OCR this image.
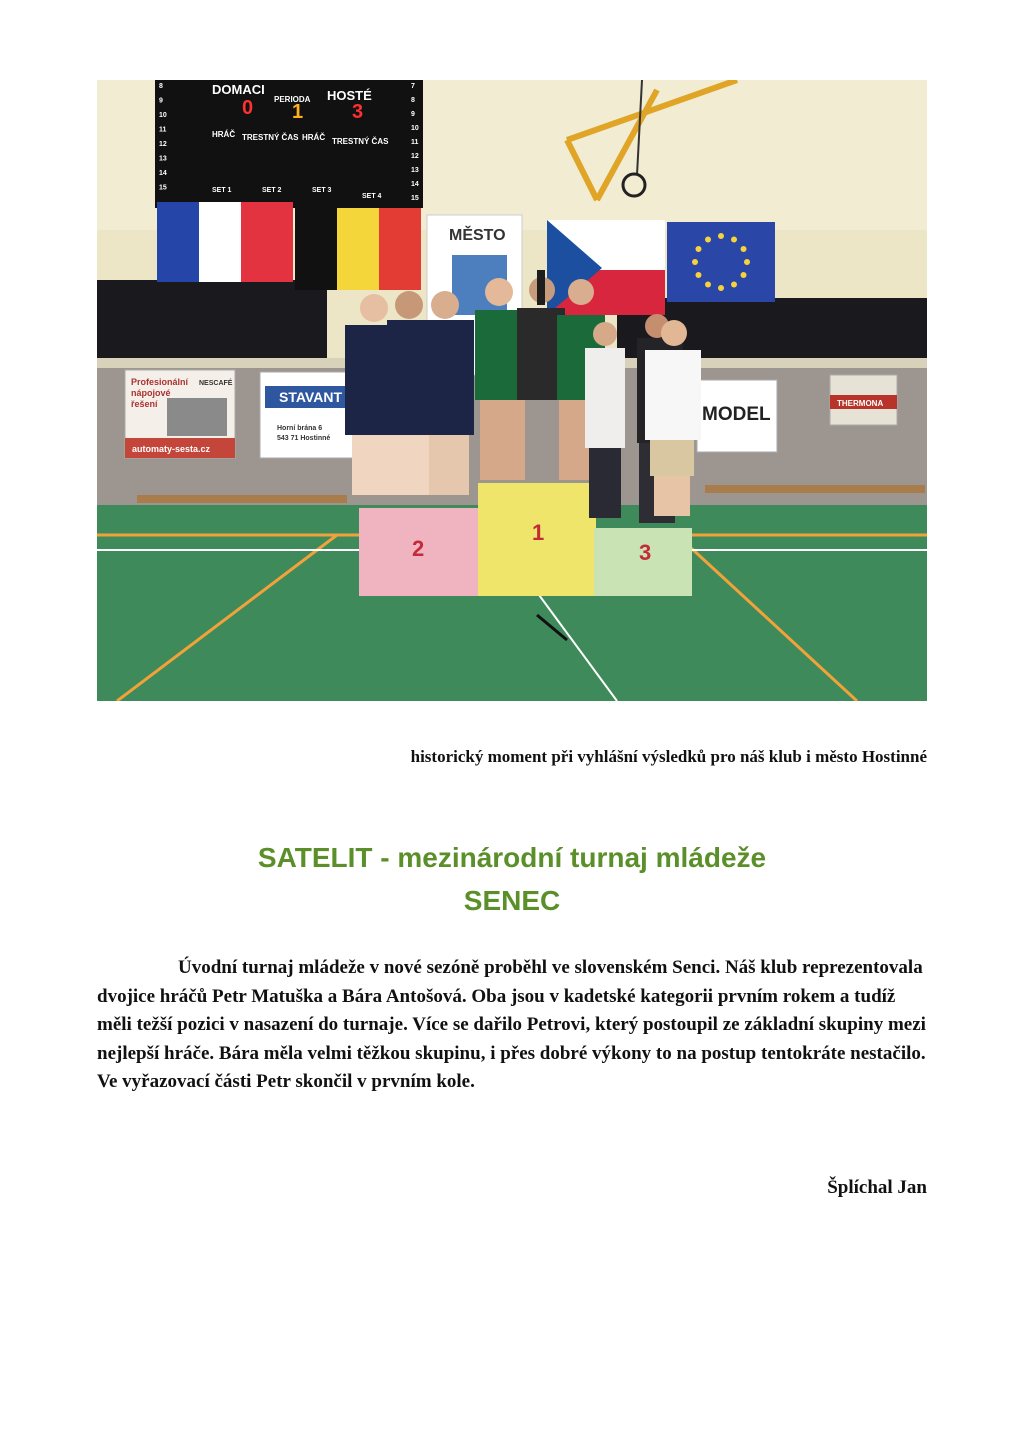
DOMACI	HOSTÉ
PERIODA
0	3
1
HRÁČ TRESTNÝ ČAS HRÁČ TRESTNÝ ČAS
SET 1	SET 2	SET 3
SET 4
8
9
10
11
12
13
14
15
7
8
9
10
11
12
13
14
15
MĚSTO
Profesionální
nápojové
řešení
NESCAFÉ
automaty-sesta.cz
STAVANT
Horní brána 6
543 71 Hostinné
MODEL
THERMONA
2
1
3
historický moment při vyhlášní výsledků pro náš klub i město Hostinné
SATELIT - mezinárodní turnaj mládeže
SENEC
Úvodní turnaj mládeže v nové sezóně proběhl ve slovenském Senci. Náš klub reprezentovala dvojice hráčů Petr Matuška a Bára Antošová. Oba jsou v kadetské kategorii prvním rokem a tudíž měli težší pozici v nasazení do turnaje. Více se dařilo Petrovi, který postoupil ze základní skupiny mezi nejlepší hráče. Bára měla velmi těžkou skupinu, i přes dobré výkony to na postup tentokráte nestačilo. Ve vyřazovací části Petr skončil v prvním kole.
Šplíchal Jan
